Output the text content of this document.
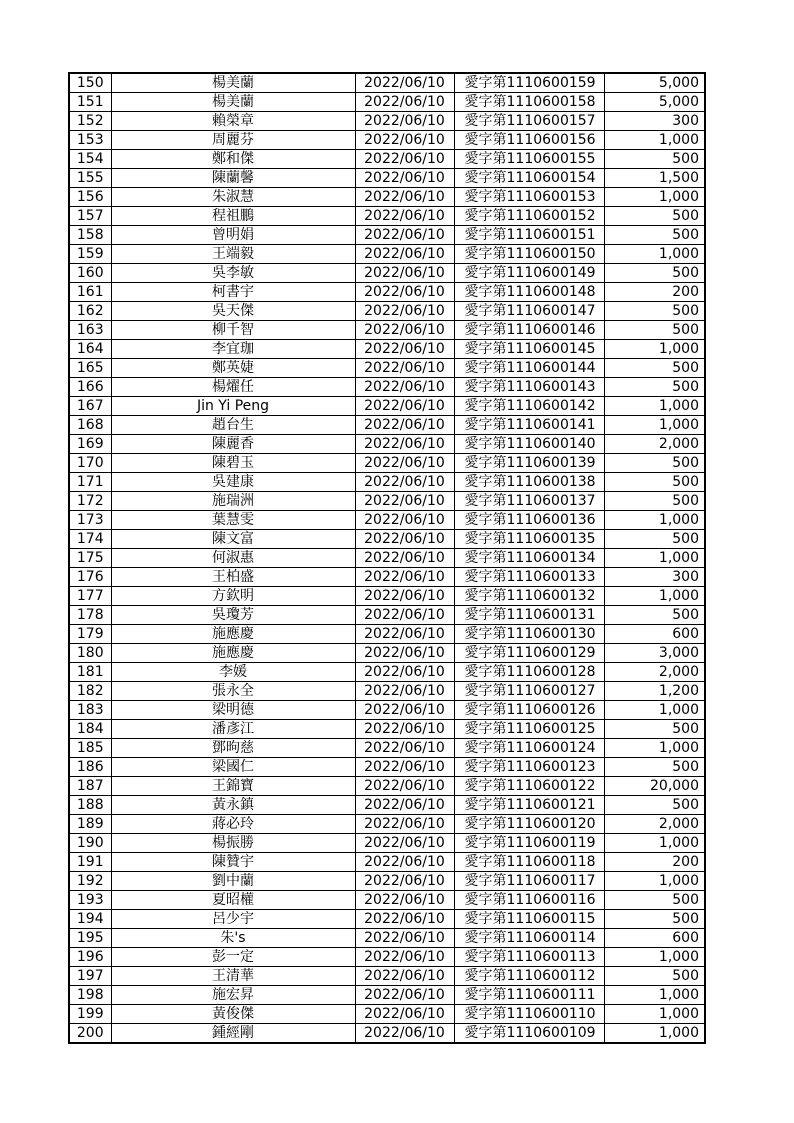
150	楊美蘭	2022/06/10	愛字第1110600159	5,000
151	楊美蘭	2022/06/10	愛字第1110600158	5,000
152	賴榮章	2022/06/10	愛字第1110600157	300
153	周麗芬	2022/06/10	愛字第1110600156	1,000
154	鄭和傑	2022/06/10	愛字第1110600155	500
155	陳蘭馨	2022/06/10	愛字第1110600154	1,500
156	朱淑慧	2022/06/10	愛字第1110600153	1,000
157	程祖鵬	2022/06/10	愛字第1110600152	500
158	曾明娟	2022/06/10	愛字第1110600151	500
159	王端毅	2022/06/10	愛字第1110600150	1,000
160	吳李敏	2022/06/10	愛字第1110600149	500
161	柯書宇	2022/06/10	愛字第1110600148	200
162	吳天傑	2022/06/10	愛字第1110600147	500
163	柳千智	2022/06/10	愛字第1110600146	500
164	李宜珈	2022/06/10	愛字第1110600145	1,000
165	鄭英婕	2022/06/10	愛字第1110600144	500
166	楊燿任	2022/06/10	愛字第1110600143	500
167	Jin Yi Peng	2022/06/10	愛字第1110600142	1,000
168	趙台生	2022/06/10	愛字第1110600141	1,000
169	陳麗香	2022/06/10	愛字第1110600140	2,000
170	陳碧玉	2022/06/10	愛字第1110600139	500
171	吳建康	2022/06/10	愛字第1110600138	500
172	施瑞洲	2022/06/10	愛字第1110600137	500
173	葉慧雯	2022/06/10	愛字第1110600136	1,000
174	陳文富	2022/06/10	愛字第1110600135	500
175	何淑惠	2022/06/10	愛字第1110600134	1,000
176	王柏盛	2022/06/10	愛字第1110600133	300
177	方欽明	2022/06/10	愛字第1110600132	1,000
178	吳瓊芳	2022/06/10	愛字第1110600131	500
179	施應慶	2022/06/10	愛字第1110600130	600
180	施應慶	2022/06/10	愛字第1110600129	3,000
181	李媛	2022/06/10	愛字第1110600128	2,000
182	張永全	2022/06/10	愛字第1110600127	1,200
183	梁明德	2022/06/10	愛字第1110600126	1,000
184	潘彥江	2022/06/10	愛字第1110600125	500
185	鄧昫慈	2022/06/10	愛字第1110600124	1,000
186	梁國仁	2022/06/10	愛字第1110600123	500
187	王錦寶	2022/06/10	愛字第1110600122	20,000
188	黃永鎮	2022/06/10	愛字第1110600121	500
189	蔣必玲	2022/06/10	愛字第1110600120	2,000
190	楊振勝	2022/06/10	愛字第1110600119	1,000
191	陳贊宇	2022/06/10	愛字第1110600118	200
192	劉中蘭	2022/06/10	愛字第1110600117	1,000
193	夏昭權	2022/06/10	愛字第1110600116	500
194	呂少宇	2022/06/10	愛字第1110600115	500
195	朱's	2022/06/10	愛字第1110600114	600
196	彭一定	2022/06/10	愛字第1110600113	1,000
197	王清華	2022/06/10	愛字第1110600112	500
198	施宏昇	2022/06/10	愛字第1110600111	1,000
199	黃俊傑	2022/06/10	愛字第1110600110	1,000
200	鍾經剛	2022/06/10	愛字第1110600109	1,000
